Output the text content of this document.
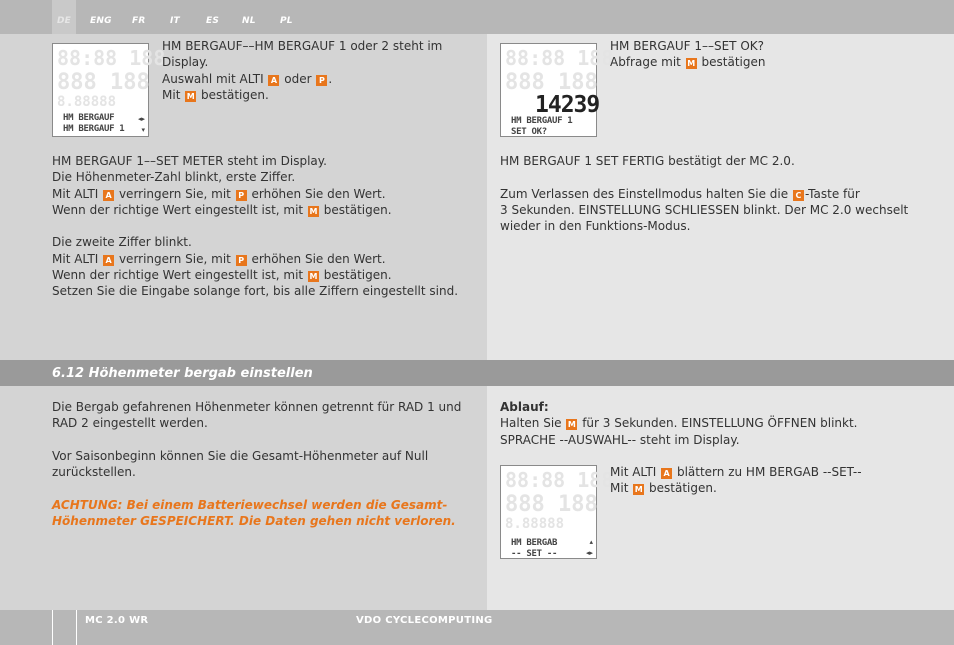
DE ENG FR	IT	ES	NL	PL
88:88 188
888 188
8.88888
HM BERGAUF
HM BERGAUF 1
◂▸
▾
88:88 188
888 188
14239
HM BERGAUF 1
SET OK?
88:88 188
888 188
8.88888
HM BERGAB
-- SET --
▴
◂▸
HM BERGAUF––HM BERGAUF 1 oder 2 steht im
Display.
Auswahl mit ALTI A oder P .
Mit M bestätigen.
HM BERGAUF 1––SET METER steht im Display.
Die Höhenmeter-Zahl blinkt, erste Ziffer.
Mit ALTI A verringern Sie, mit P erhöhen Sie den Wert.
Wenn der richtige Wert eingestellt ist, mit M bestätigen.

Die zweite Ziffer blinkt.
Mit ALTI A verringern Sie, mit P erhöhen Sie den Wert.
Wenn der richtige Wert eingestellt ist, mit M bestätigen.
Setzen Sie die Eingabe solange fort, bis alle Ziffern eingestellt sind.
HM BERGAUF 1––SET OK?
Abfrage mit M bestätigen
HM BERGAUF 1 SET FERTIG bestätigt der MC 2.0.

Zum Verlassen des Einstellmodus halten Sie die C -Taste für
3 Sekunden. EINSTELLUNG SCHLIESSEN blinkt. Der MC 2.0 wechselt
wieder in den Funktions-Modus.
6.12 Höhenmeter bergab einstellen
Die Bergab gefahrenen Höhenmeter können getrennt für RAD 1 und
RAD 2 eingestellt werden.

Vor Saisonbeginn können Sie die Gesamt-Höhenmeter auf Null
zurückstellen.

ACHTUNG: Bei einem Batteriewechsel werden die Gesamt-
Höhenmeter GESPEICHERT. Die Daten gehen nicht verloren.
Ablauf:
Halten Sie M für 3 Sekunden. EINSTELLUNG ÖFFNEN blinkt.
SPRACHE --AUSWAHL-- steht im Display.
Mit ALTI A blättern zu HM BERGAB --SET--
Mit M bestätigen.
MC 2.0 WR	VDO CYCLECOMPUTING
